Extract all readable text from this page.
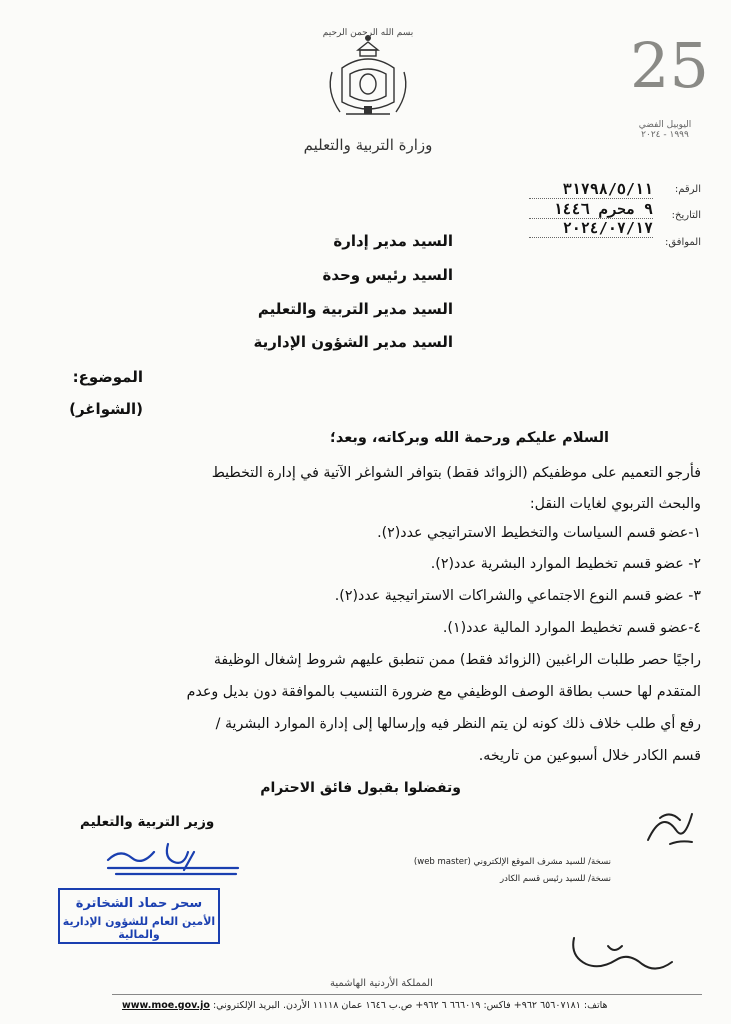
بسم الله الرحمن الرحيم
وزارة التربية والتعليم
25
اليوبيل الفضي
١٩٩٩ - ٢٠٢٤
الرقم:
٣١٧٩٨/٥/١١
التاريخ:
٩ محرم ١٤٤٦
٢٠٢٤/٠٧/١٧
الموافق:
السيد مدير إدارة
السيد رئيس وحدة
السيد مدير التربية والتعليم
السيد مدير الشؤون الإدارية
الموضوع:
(الشواغر)
السلام عليكم ورحمة الله وبركاته، وبعد؛
فأرجو التعميم على موظفيكم (الزوائد فقط) بتوافر الشواغر الآتية في إدارة التخطيط
والبحث التربوي لغايات النقل:
١-عضو قسم السياسات والتخطيط الاستراتيجي عدد(٢).
٢- عضو قسم تخطيط الموارد البشرية عدد(٢).
٣- عضو قسم النوع الاجتماعي والشراكات الاستراتيجية عدد(٢).
٤-عضو قسم تخطيط الموارد المالية عدد(١).
راجيًا حصر طلبات الراغبين (الزوائد فقط) ممن تنطبق عليهم شروط إشغال الوظيفة
المتقدم لها حسب بطاقة الوصف الوظيفي مع ضرورة التنسيب بالموافقة دون بديل وعدم
رفع أي طلب خلاف ذلك كونه لن يتم النظر فيه وإرسالها إلى إدارة الموارد البشرية /
قسم الكادر خلال أسبوعين من تاريخه.
وتفضلوا بقبول فائق الاحترام
وزير التربية والتعليم
سحر حماد الشخاترة
الأمين العام للشؤون الإدارية والمالية
نسخة/ للسيد مشرف الموقع الإلكتروني (web master)
نسخة/ للسيد رئيس قسم الكادر
المملكة الأردنية الهاشمية
هاتف: ٦٥٦٠٧١٨١ ٩٦٢+ فاكس: ٦٦٦٠١٩ ٦ ٩٦٢+ ص.ب ١٦٤٦ عمان ١١١١٨ الأردن. البريد الإلكتروني: www.moe.gov.jo
